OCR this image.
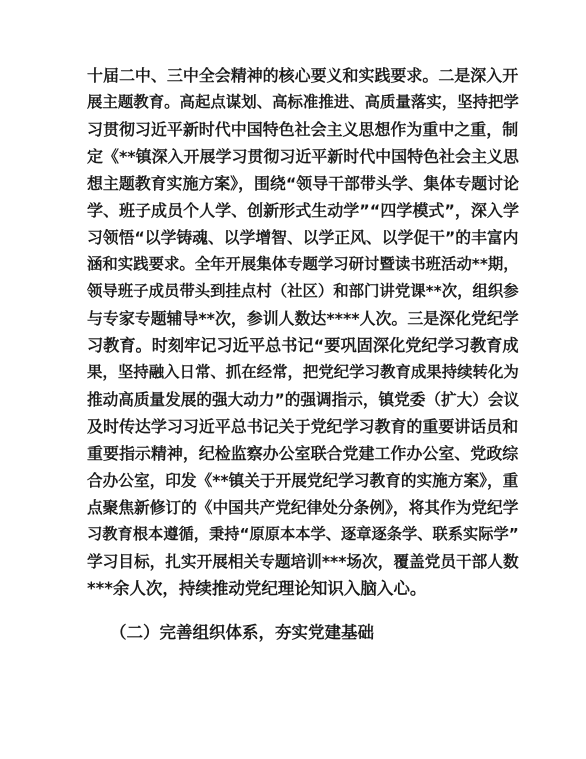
十届二中、三中全会精神的核心要义和实践要求。二是深入开
展主题教育。高起点谋划、高标准推进、高质量落实，坚持把学
习贯彻习近平新时代中国特色社会主义思想作为重中之重，制
定《**镇深入开展学习贯彻习近平新时代中国特色社会主义思
想主题教育实施方案》，围绕“领导干部带头学、集体专题讨论
学、班子成员个人学、创新形式生动学”“四学模式”，深入学
习领悟“以学铸魂、以学增智、以学正风、以学促干”的丰富内
涵和实践要求。全年开展集体专题学习研讨暨读书班活动**期，
领导班子成员带头到挂点村（社区）和部门讲党课**次，组织参
与专家专题辅导**次，参训人数达****人次。三是深化党纪学
习教育。时刻牢记习近平总书记“要巩固深化党纪学习教育成
果，坚持融入日常、抓在经常，把党纪学习教育成果持续转化为
推动高质量发展的强大动力”的强调指示，镇党委（扩大）会议
及时传达学习习近平总书记关于党纪学习教育的重要讲话员和
重要指示精神，纪检监察办公室联合党建工作办公室、党政综
合办公室，印发《**镇关于开展党纪学习教育的实施方案》，重
点聚焦新修订的《中国共产党纪律处分条例》，将其作为党纪学
习教育根本遵循，秉持“原原本本学、逐章逐条学、联系实际学”
学习目标，扎实开展相关专题培训***场次，覆盖党员干部人数
***余人次，持续推动党纪理论知识入脑入心。

（二）完善组织体系，夯实党建基础
